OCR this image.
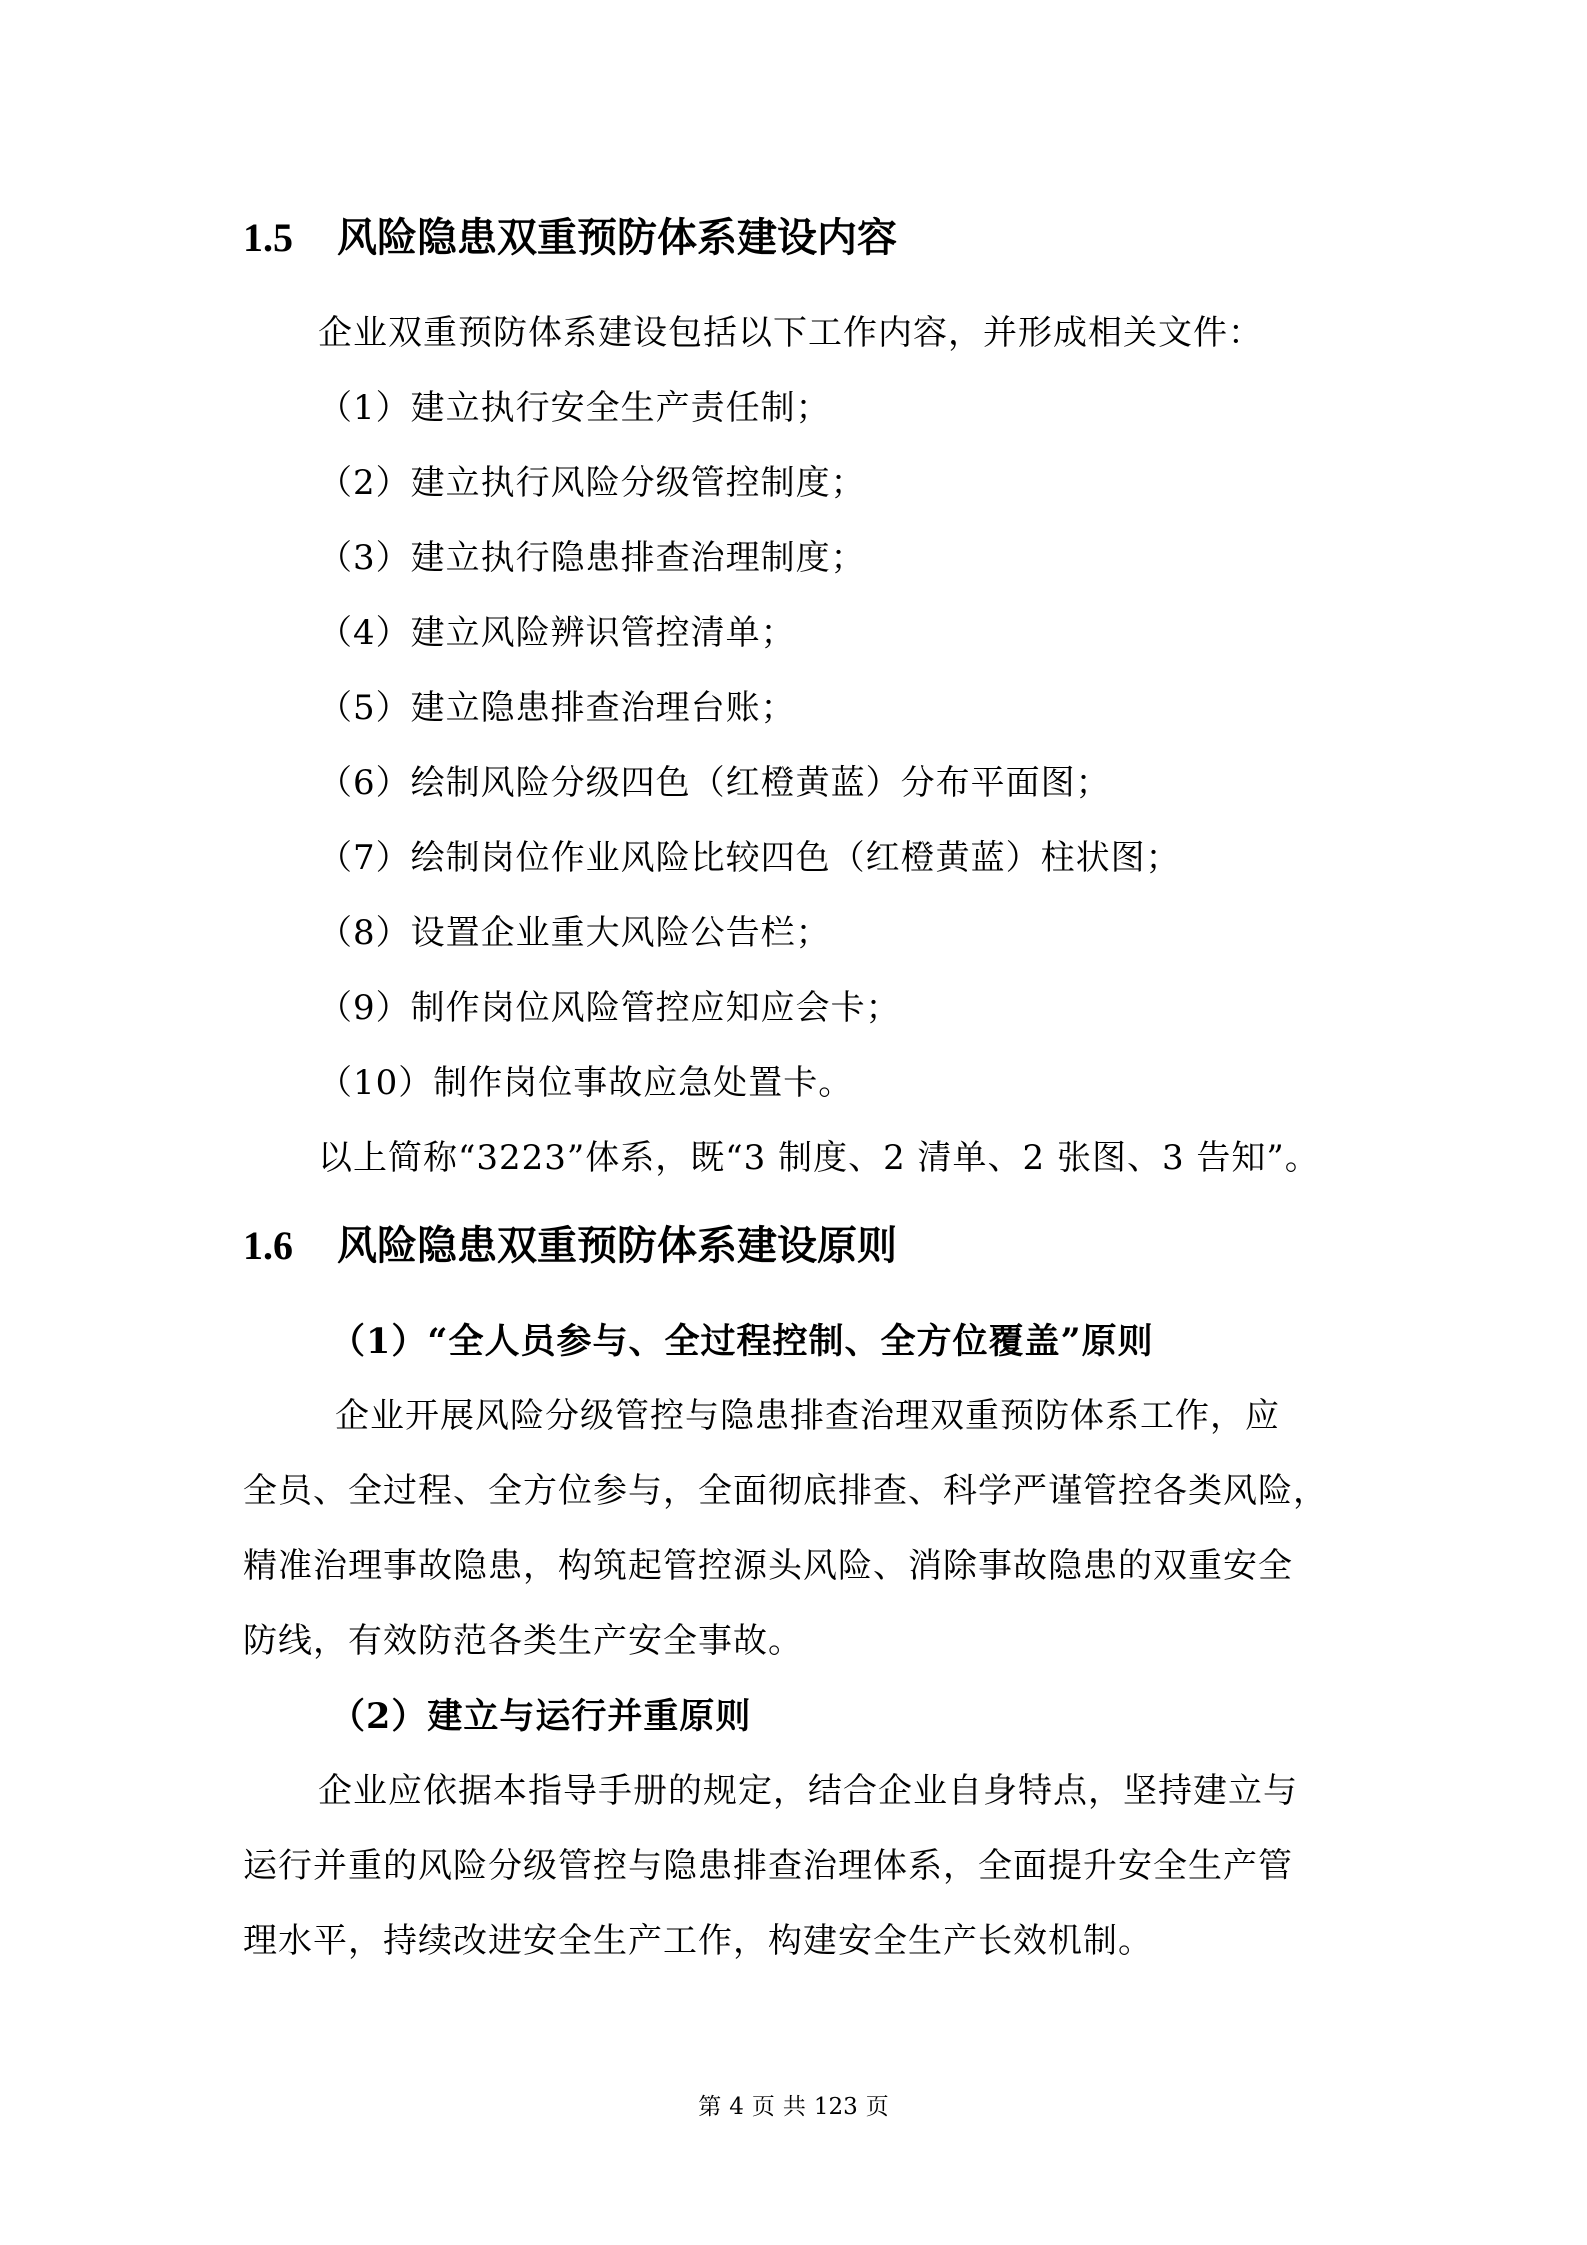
1.5 风险隐患双重预防体系建设内容
企业双重预防体系建设包括以下工作内容，并形成相关文件：
（1）建立执行安全生产责任制；
（2）建立执行风险分级管控制度；
（3）建立执行隐患排查治理制度；
（4）建立风险辨识管控清单；
（5）建立隐患排查治理台账；
（6）绘制风险分级四色（红橙黄蓝）分布平面图；
（7）绘制岗位作业风险比较四色（红橙黄蓝）柱状图；
（8）设置企业重大风险公告栏；
（9）制作岗位风险管控应知应会卡；
（10）制作岗位事故应急处置卡。
以上简称“3223”体系，既“3 制度、2 清单、2 张图、3 告知”。
1.6 风险隐患双重预防体系建设原则
（1）“全人员参与、全过程控制、全方位覆盖”原则
企业开展风险分级管控与隐患排查治理双重预防体系工作，应
全员、全过程、全方位参与，全面彻底排查、科学严谨管控各类风险，
精准治理事故隐患，构筑起管控源头风险、消除事故隐患的双重安全
防线，有效防范各类生产安全事故。
（2）建立与运行并重原则
企业应依据本指导手册的规定，结合企业自身特点，坚持建立与
运行并重的风险分级管控与隐患排查治理体系，全面提升安全生产管
理水平，持续改进安全生产工作，构建安全生产长效机制。
第 4 页 共 123 页
